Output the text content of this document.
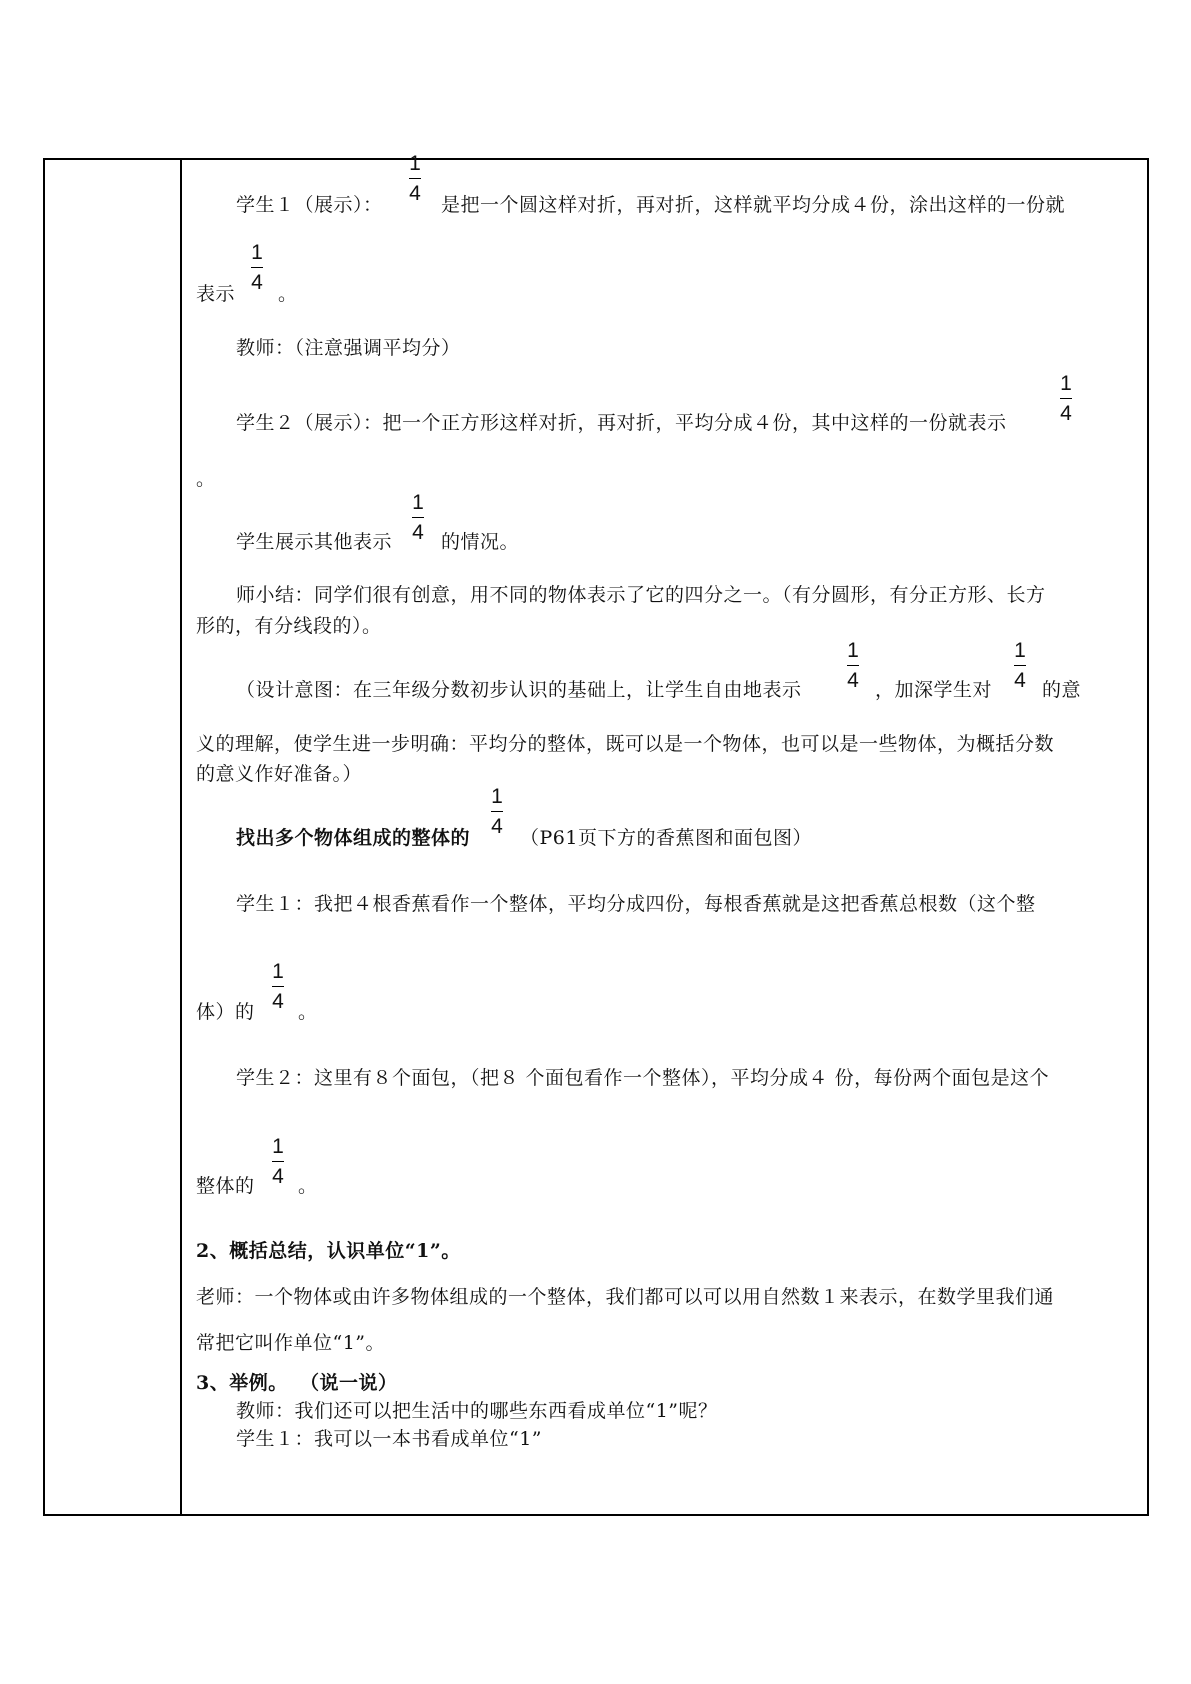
学生１（展示）：
1
4 是把一个圆这样对折，再对折，这样就平均分成４份，涂出这样的一份就
表示
1
4 。
教师：（注意强调平均分）
学生２（展示）：把一个正方形这样对折，再对折，平均分成４份，其中这样的一份就表示
1
4
。
学生展示其他表示
1
4 的情况。
师小结：同学们很有创意，用不同的物体表示了它的四分之一。（有分圆形，有分正方形、长方
形的，有分线段的）。
（设计意图：在三年级分数初步认识的基础上，让学生自由地表示
1
4 ，加深学生对
1
4 的意
义的理解，使学生进一步明确：平均分的整体，既可以是一个物体，也可以是一些物体，为概括分数
的意义作好准备。）
找出多个物体组成的整体的
1
4 （P61页下方的香蕉图和面包图）
学生１：我把４根香蕉看作一个整体，平均分成四份，每根香蕉就是这把香蕉总根数（这个整
体）的
1
4 。
学生２：这里有８个面包，（把８ 个面包看作一个整体），平均分成４ 份，每份两个面包是这个
整体的
1
4 。
2、概括总结，认识单位“1”。
老师：一个物体或由许多物体组成的一个整体，我们都可以可以用自然数１来表示，在数学里我们通
常把它叫作单位“1”。
3、举例。 （说一说）
教师：我们还可以把生活中的哪些东西看成单位“1”呢？
学生１：我可以一本书看成单位“1”
